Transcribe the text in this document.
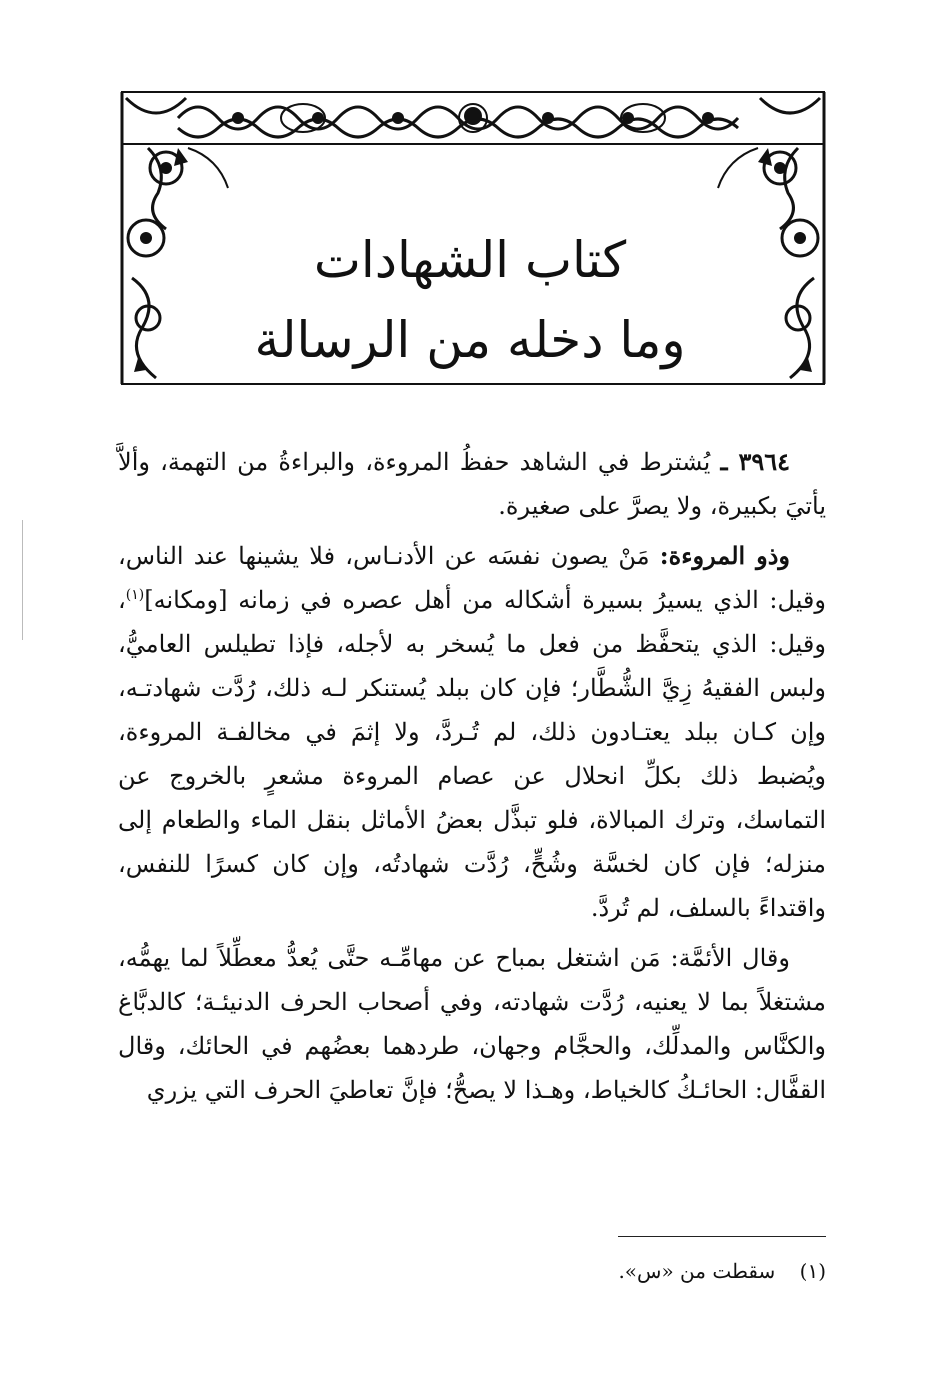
كتاب الشهادات
وما دخله من الرسالة

٣٩٦٤ ـ يُشترط في الشاهد حفظُ المروءة، والبراءةُ من التهمة، وألاَّ يأتيَ بكبيرة، ولا يصرَّ على صغيرة.

وذو المروءة: مَنْ يصون نفسَه عن الأدنـاس، فلا يشينها عند الناس، وقيل: الذي يسيرُ بسيرة أشكاله من أهل عصره في زمانه [ومكانه]$^{(١)}$، وقيل: الذي يتحفَّظ من فعل ما يُسخر به لأجله، فإذا تطيلس العاميُّ، ولبس الفقيهُ زِيَّ الشُّطَّار؛ فإن كان ببلد يُستنكر لـه ذلك، رُدَّت شهادتـه، وإن كـان ببلد يعتـادون ذلك، لم تُـردَّ، ولا إثمَ في مخالفـة المروءة، ويُضبط ذلك بكلِّ انحلال عن عصام المروءة مشعرٍ بالخروج عن التماسك، وترك المبالاة، فلو تبذَّل بعضُ الأماثل بنقل الماء والطعام إلى منزله؛ فإن كان لخسَّة وشُحٍّ، رُدَّت شهادتُه، وإن كان كسرًا للنفس، واقتداءً بالسلف، لم تُردَّ.

وقال الأئمَّة: مَن اشتغل بمباح عن مهامِّـه حتَّى يُعدُّ معطِّلاً لما يهمُّه، مشتغلاً بما لا يعنيه، رُدَّت شهادته، وفي أصحاب الحرف الدنيئـة؛ كالدبَّاغ والكنَّاس والمدلِّك، والحجَّام وجهان، طردهما بعضُهم في الحائك، وقال القفَّال: الحائـكُ كالخياط، وهـذا لا يصحُّ؛ فإنَّ تعاطيَ الحرف التي يزري

(١) سقطت من «س».
